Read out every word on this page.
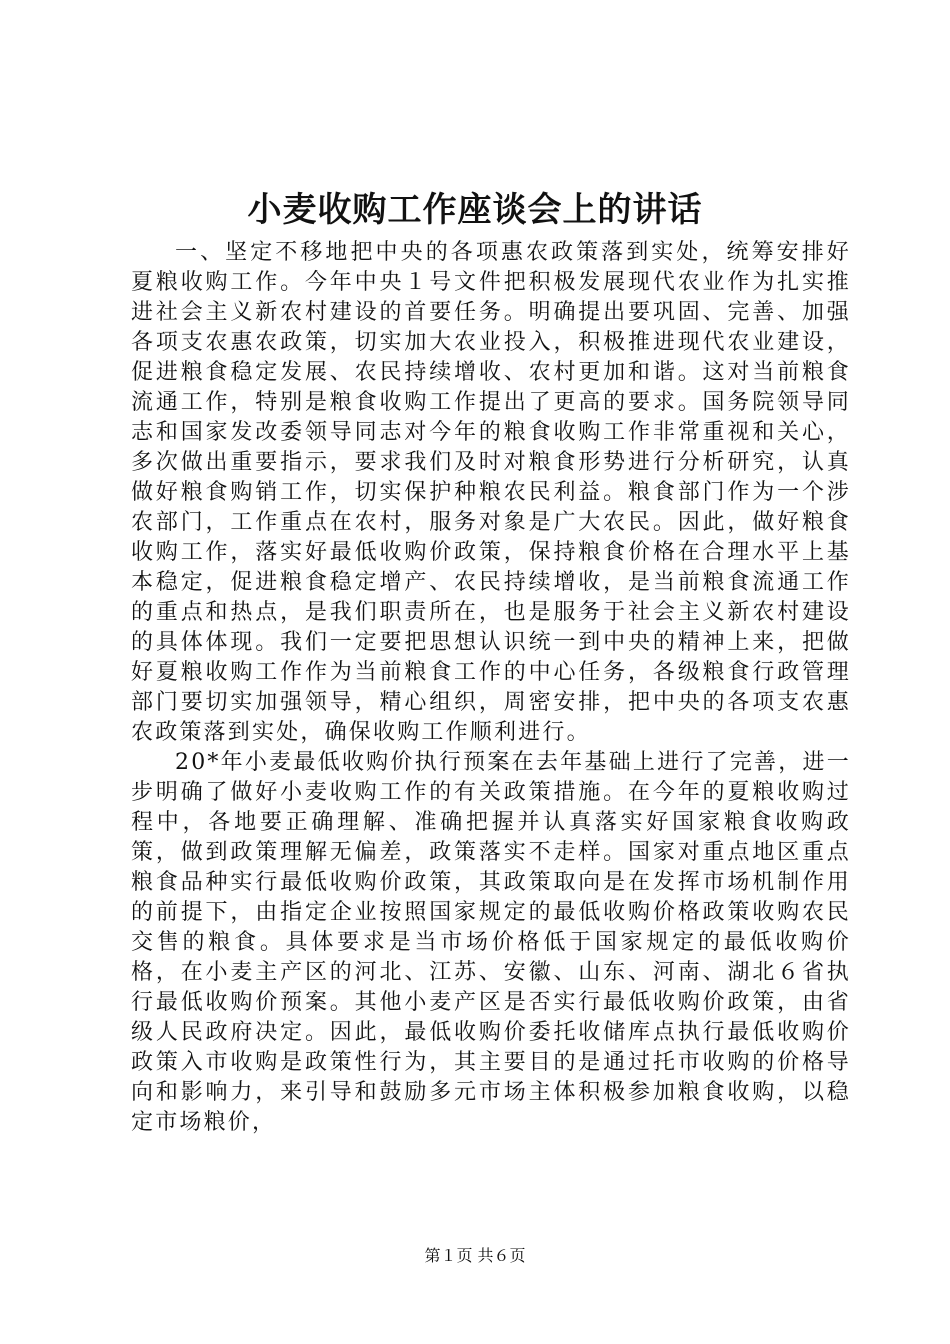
小麦收购工作座谈会上的讲话

一、坚定不移地把中央的各项惠农政策落到实处，统筹安排好夏粮收购工作。今年中央１号文件把积极发展现代农业作为扎实推进社会主义新农村建设的首要任务。明确提出要巩固、完善、加强各项支农惠农政策，切实加大农业投入，积极推进现代农业建设，促进粮食稳定发展、农民持续增收、农村更加和谐。这对当前粮食流通工作，特别是粮食收购工作提出了更高的要求。国务院领导同志和国家发改委领导同志对今年的粮食收购工作非常重视和关心，多次做出重要指示，要求我们及时对粮食形势进行分析研究，认真做好粮食购销工作，切实保护种粮农民利益。粮食部门作为一个涉农部门，工作重点在农村，服务对象是广大农民。因此，做好粮食收购工作，落实好最低收购价政策，保持粮食价格在合理水平上基本稳定，促进粮食稳定增产、农民持续增收，是当前粮食流通工作的重点和热点，是我们职责所在，也是服务于社会主义新农村建设的具体体现。我们一定要把思想认识统一到中央的精神上来，把做好夏粮收购工作作为当前粮食工作的中心任务，各级粮食行政管理部门要切实加强领导，精心组织，周密安排，把中央的各项支农惠农政策落到实处，确保收购工作顺利进行。

20*年小麦最低收购价执行预案在去年基础上进行了完善，进一步明确了做好小麦收购工作的有关政策措施。在今年的夏粮收购过程中，各地要正确理解、准确把握并认真落实好国家粮食收购政策，做到政策理解无偏差，政策落实不走样。国家对重点地区重点粮食品种实行最低收购价政策，其政策取向是在发挥市场机制作用的前提下，由指定企业按照国家规定的最低收购价格政策收购农民交售的粮食。具体要求是当市场价格低于国家规定的最低收购价格，在小麦主产区的河北、江苏、安徽、山东、河南、湖北６省执行最低收购价预案。其他小麦产区是否实行最低收购价政策，由省级人民政府决定。因此，最低收购价委托收储库点执行最低收购价政策入市收购是政策性行为，其主要目的是通过托市收购的价格导向和影响力，来引导和鼓励多元市场主体积极参加粮食收购，以稳定市场粮价，

第１页 共６页
